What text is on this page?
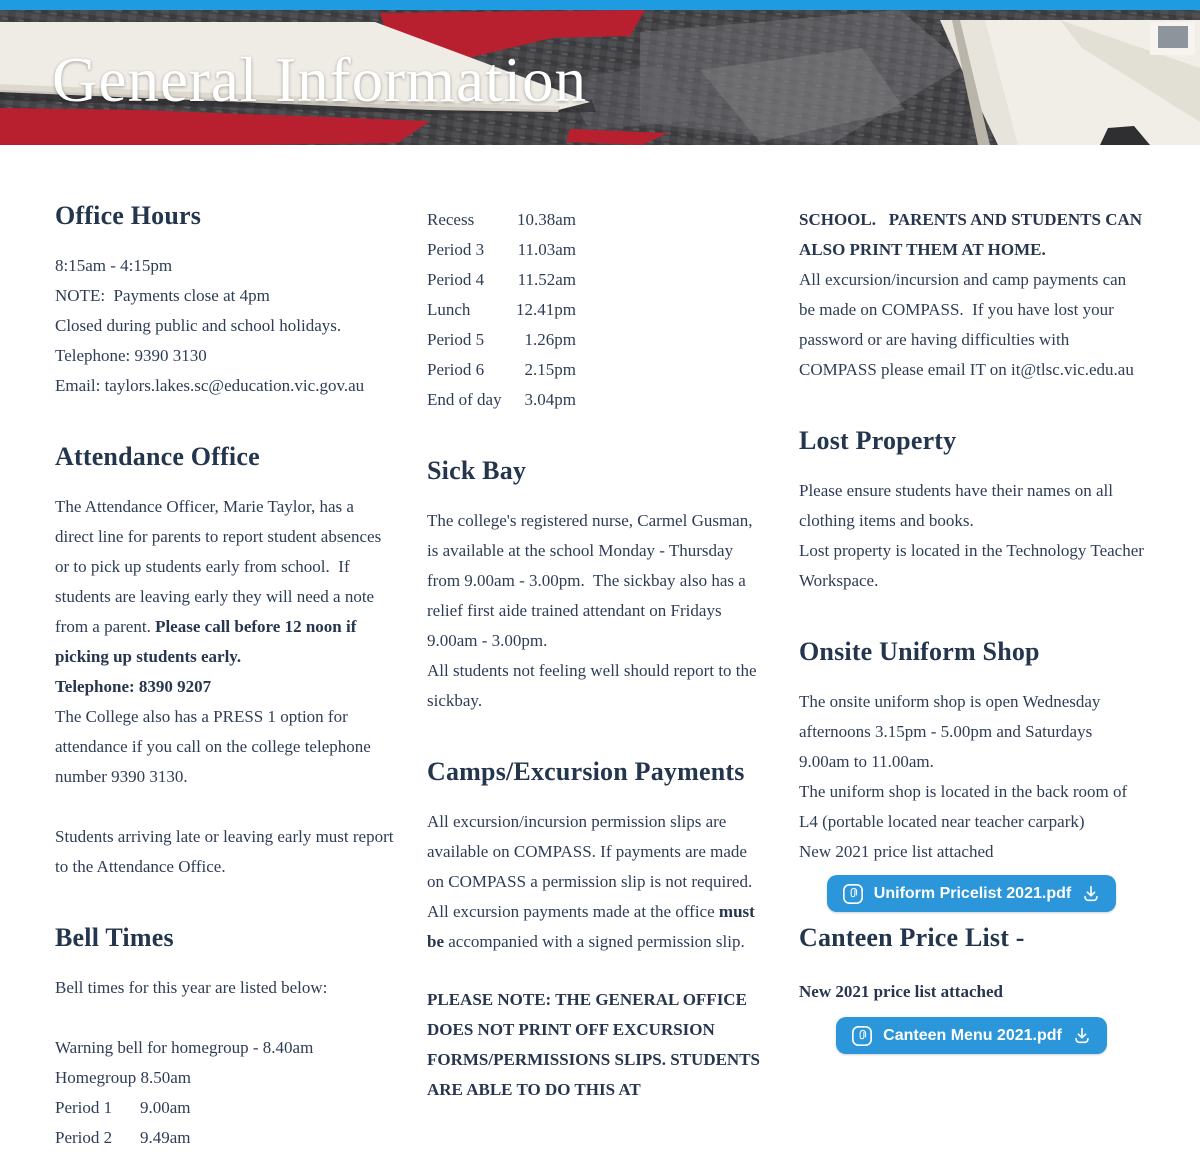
General Information
Office Hours
8:15am - 4:15pm
NOTE:  Payments close at 4pm
Closed during public and school holidays.
Telephone: 9390 3130
Email: taylors.lakes.sc@education.vic.gov.au
Attendance Office
The Attendance Officer, Marie Taylor, has a direct line for parents to report student absences or to pick up students early from school.  If students are leaving early they will need a note from a parent. Please call before 12 noon if picking up students early.
Telephone: 8390 9207
The College also has a PRESS 1 option for attendance if you call on the college telephone number 9390 3130.
Students arriving late or leaving early must report to the Attendance Office.
Bell Times
Bell times for this year are listed below:
Warning bell for homegroup - 8.40am
Homegroup 8.50am
Period 1 9.00am
Period 2 9.49am
Recess	10.38am
Period 3 11.03am
Period 4 11.52am
Lunch	12.41pm
Period 5 1.26pm
Period 6 2.15pm
End of day 3.04pm
Sick Bay
The college's registered nurse, Carmel Gusman, is available at the school Monday - Thursday from 9.00am - 3.00pm.  The sickbay also has a relief first aide trained attendant on Fridays 9.00am - 3.00pm.
All students not feeling well should report to the sickbay.
Camps/Excursion Payments
All excursion/incursion permission slips are available on COMPASS. If payments are made on COMPASS a permission slip is not required. All excursion payments made at the office must be accompanied with a signed permission slip.
PLEASE NOTE: THE GENERAL OFFICE DOES NOT PRINT OFF EXCURSION FORMS/PERMISSIONS SLIPS. STUDENTS  ARE ABLE TO DO THIS AT
SCHOOL.   PARENTS AND STUDENTS CAN ALSO PRINT THEM AT HOME.
All excursion/incursion and camp payments can be made on COMPASS.  If you have lost your password or are having difficulties with COMPASS please email IT on it@tlsc.vic.edu.au
Lost Property
Please ensure students have their names on all clothing items and books.
Lost property is located in the Technology Teacher Workspace.
Onsite Uniform Shop
The onsite uniform shop is open Wednesday afternoons 3.15pm - 5.00pm and Saturdays 9.00am to 11.00am.
The uniform shop is located in the back room of  L4 (portable located near teacher carpark)
New 2021 price list attached
Uniform Pricelist 2021.pdf
Canteen Price List -
New 2021 price list attached
Canteen Menu 2021.pdf
